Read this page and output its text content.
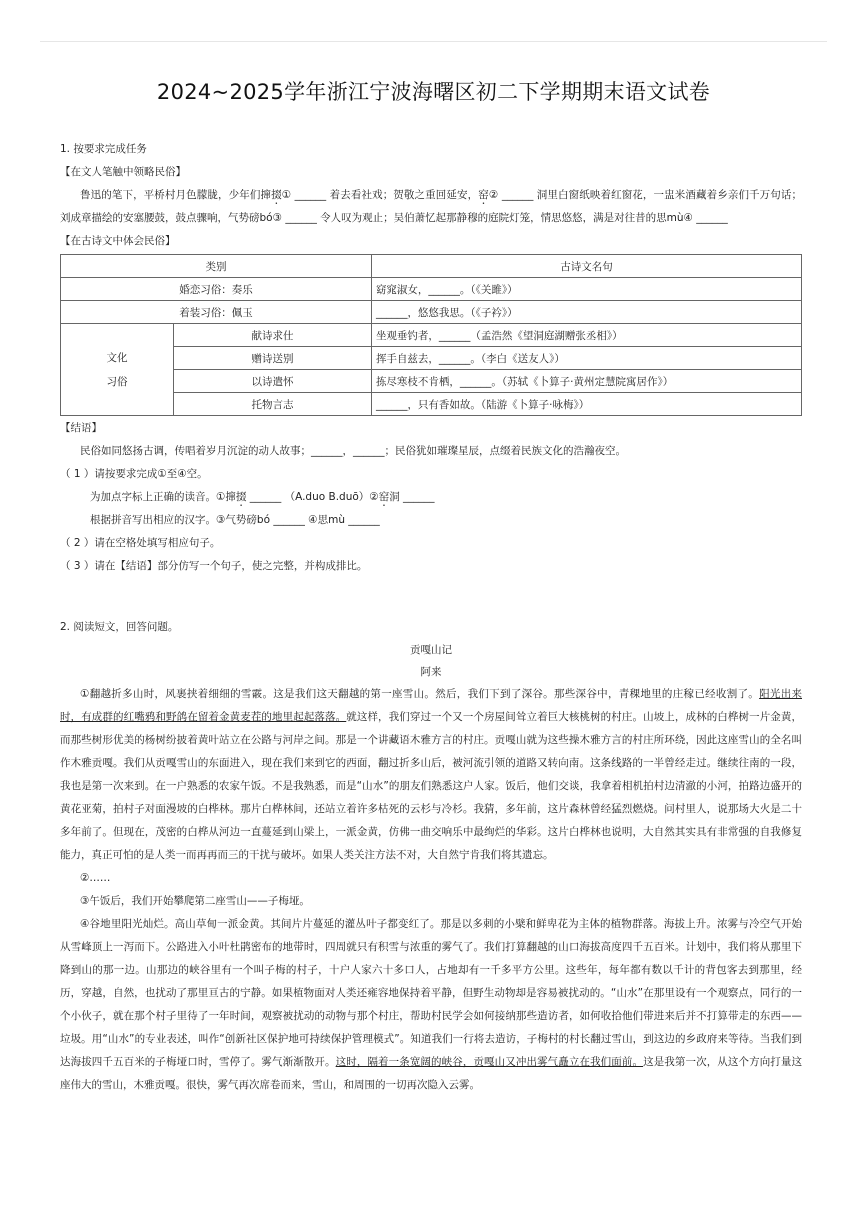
2024~2025学年浙江宁波海曙区初二下学期期末语文试卷
1. 按要求完成任务
【在文人笔触中领略民俗】
鲁迅的笔下，平桥村月色朦胧，少年们撺掇① ______ 着去看社戏；贺敬之重回延安，窑② ______ 洞里白窗纸映着红窗花，一盅米酒藏着乡亲们千万句话；刘成章描绘的安塞腰鼓，鼓点骤响，气势磅bó③ ______ 令人叹为观止；吴伯萧忆起那静穆的庭院灯笼，情思悠悠，满是对往昔的思mù④ ______
【在古诗文中体会民俗】
类别		古诗文名句
婚恋习俗：奏乐		窈窕淑女，______。（《关雎》）
着装习俗：佩玉		______，悠悠我思。（《子衿》）

文化
习俗	献诗求仕	坐观垂钓者，______（孟浩然《望洞庭湖赠张丞相》）
	赠诗送别	挥手自兹去，______。（李白《送友人》）
	以诗遣怀	拣尽寒枝不肯栖，______。（苏轼《卜算子·黄州定慧院寓居作》）
	托物言志	______，只有香如故。（陆游《卜算子·咏梅》）
【结语】
民俗如同悠扬古调，传唱着岁月沉淀的动人故事；______，______；民俗犹如璀璨星辰，点缀着民族文化的浩瀚夜空。
（ 1 ）请按要求完成①至④空。
为加点字标上正确的读音。①撺掇 ______ （A.duo B.duō）②窑洞 ______
根据拼音写出相应的汉字。③气势磅bó ______ ④思mù ______
（ 2 ）请在空格处填写相应句子。
（ 3 ）请在【结语】部分仿写一个句子，使之完整，并构成排比。
2. 阅读短文，回答问题。
贡嘎山记
阿来
①翻越折多山时，风裹挟着细细的雪霰。这是我们这天翻越的第一座雪山。然后，我们下到了深谷。那些深谷中，青稞地里的庄稼已经收割了。阳光出来时，有成群的红嘴鸦和野鸽在留着金黄麦茬的地里起起落落。就这样，我们穿过一个又一个房屋间耸立着巨大核桃树的村庄。山坡上，成林的白桦树一片金黄，而那些树形优美的杨树纷披着黄叶站立在公路与河岸之间。那是一个讲藏语木雅方言的村庄。贡嘎山就为这些操木雅方言的村庄所环绕，因此这座雪山的全名叫作木雅贡嘎。我们从贡嘎雪山的东面进入，现在我们来到它的西面，翻过折多山后，被河流引领的道路又转向南。这条线路的一半曾经走过。继续往南的一段，我也是第一次来到。在一户熟悉的农家午饭。不是我熟悉，而是“山水”的朋友们熟悉这户人家。饭后，他们交谈，我拿着相机拍村边清澈的小河，拍路边盛开的黄花亚菊，拍村子对面漫坡的白桦林。那片白桦林间，还站立着许多枯死的云杉与冷杉。我猜，多年前，这片森林曾经猛烈燃烧。问村里人，说那场大火是二十多年前了。但现在，茂密的白桦从河边一直蔓延到山梁上，一派金黄，仿佛一曲交响乐中最绚烂的华彩。这片白桦林也说明，大自然其实具有非常强的自我修复能力，真正可怕的是人类一而再再而三的干扰与破坏。如果人类关注方法不对，大自然宁肯我们将其遗忘。
②……
③午饭后，我们开始攀爬第二座雪山——子梅垭。
④谷地里阳光灿烂。高山草甸一派金黄。其间片片蔓延的灌丛叶子都变红了。那是以多刺的小檗和鲜卑花为主体的植物群落。海拔上升。浓雾与冷空气开始从雪峰顶上一泻而下。公路进入小叶杜鹃密布的地带时，四周就只有积雪与浓重的雾气了。我们打算翻越的山口海拔高度四千五百米。计划中，我们将从那里下降到山的那一边。山那边的峡谷里有一个叫子梅的村子，十户人家六十多口人，占地却有一千多平方公里。这些年，每年都有数以千计的背包客去到那里，经历，穿越，自然，也扰动了那里亘古的宁静。如果植物面对人类还雍容地保持着平静，但野生动物却是容易被扰动的。“山水”在那里设有一个观察点，同行的一个小伙子，就在那个村子里待了一年时间，观察被扰动的动物与那个村庄，帮助村民学会如何接纳那些造访者，如何收拾他们带进来后并不打算带走的东西——垃圾。用“山水”的专业表述，叫作“创新社区保护地可持续保护管理模式”。知道我们一行将去造访，子梅村的村长翻过雪山，到这边的乡政府来等待。当我们到达海拔四千五百米的子梅垭口时，雪停了。雾气渐渐散开。这时，隔着一条宽阔的峡谷，贡嘎山又冲出雾气矗立在我们面前。这是我第一次，从这个方向打量这座伟大的雪山，木雅贡嘎。很快，雾气再次席卷而来，雪山，和周围的一切再次隐入云雾。
